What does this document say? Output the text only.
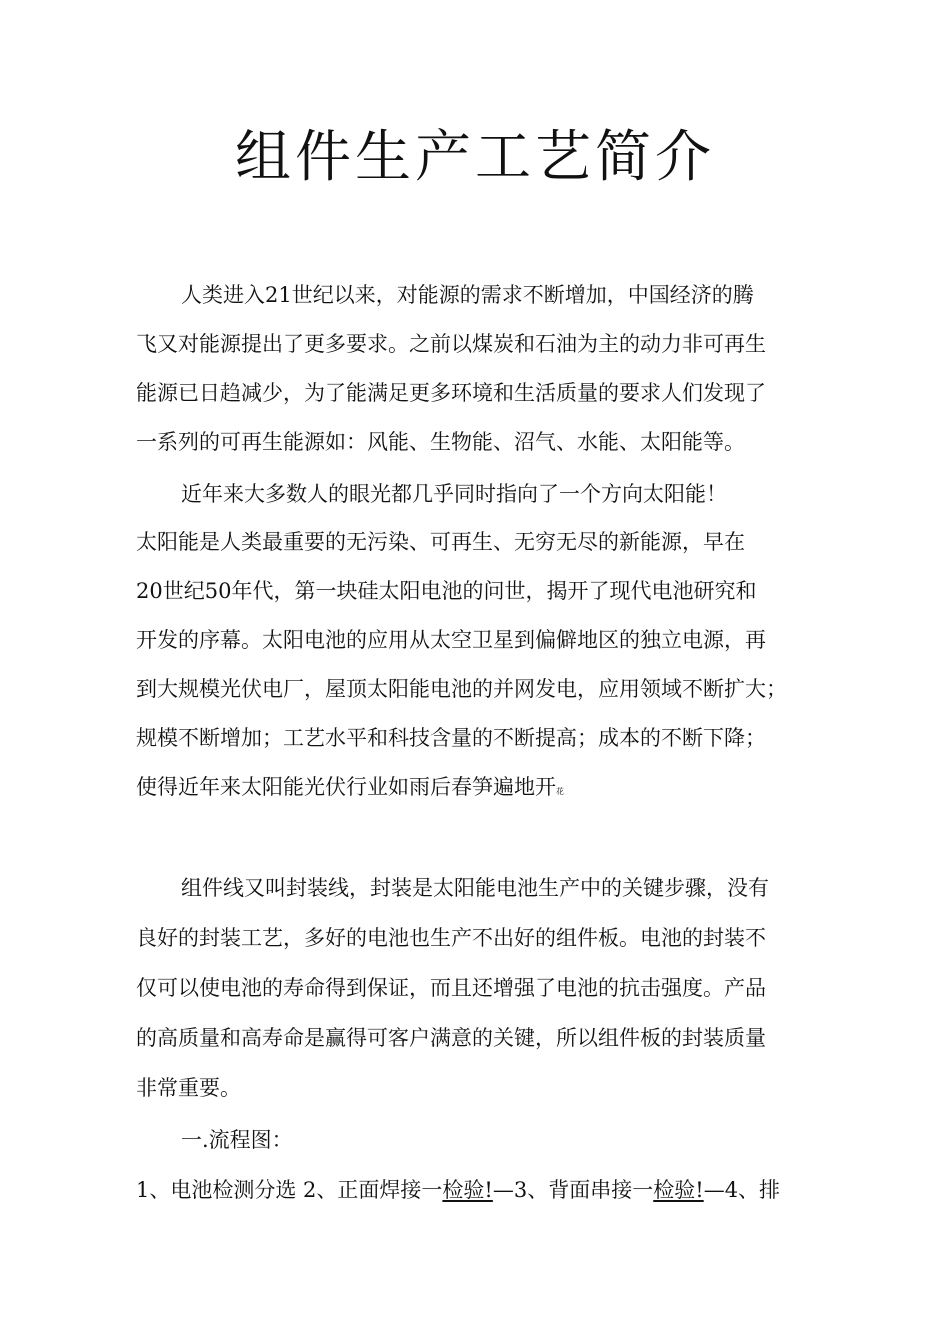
组件生产工艺简介

人类进入21世纪以来，对能源的需求不断增加，中国经济的腾

飞又对能源提出了更多要求。之前以煤炭和石油为主的动力非可再生

能源已日趋减少，为了能满足更多环境和生活质量的要求人们发现了

一系列的可再生能源如：风能、生物能、沼气、水能、太阳能等。

近年来大多数人的眼光都几乎同时指向了一个方向太阳能！

太阳能是人类最重要的无污染、可再生、无穷无尽的新能源，早在

20世纪50年代，第一块硅太阳电池的问世，揭开了现代电池研究和

开发的序幕。太阳电池的应用从太空卫星到偏僻地区的独立电源，再

到大规模光伏电厂，屋顶太阳能电池的并网发电，应用领域不断扩大；

规模不断增加；工艺水平和科技含量的不断提高；成本的不断下降；

使得近年来太阳能光伏行业如雨后春笋遍地开花

组件线又叫封装线，封装是太阳能电池生产中的关键步骤，没有

良好的封装工艺，多好的电池也生产不出好的组件板。电池的封装不

仅可以使电池的寿命得到保证，而且还增强了电池的抗击强度。产品

的高质量和高寿命是赢得可客户满意的关键，所以组件板的封装质量

非常重要。

一.流程图：

1、电池检测分选 2、正面焊接一检验!—3、背面串接一检验!—4、排
